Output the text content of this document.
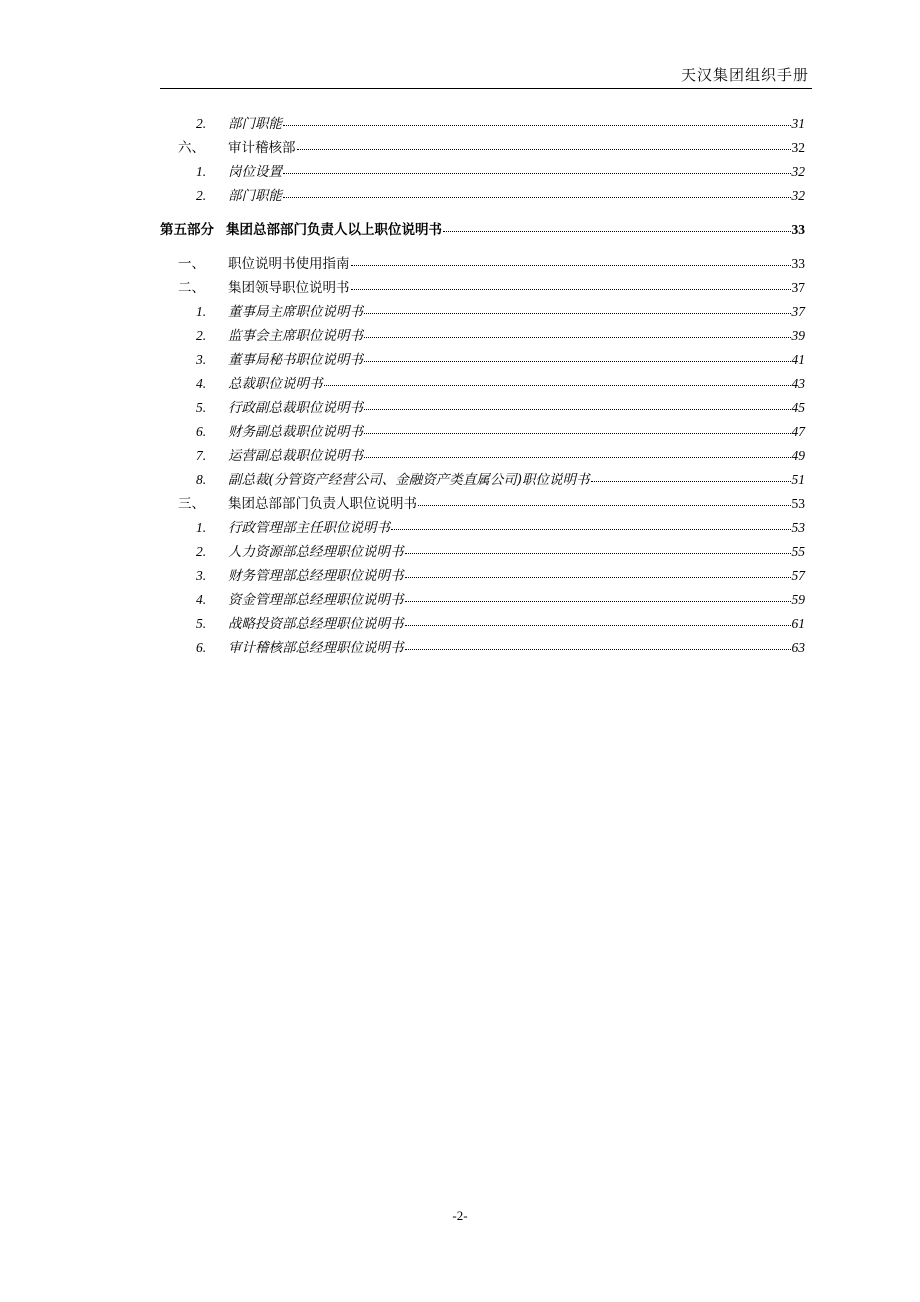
天汉集团组织手册
2.	部门职能	31
六、	审计稽核部	32
1.	岗位设置	32
2.	部门职能	32
第五部分 集团总部部门负责人以上职位说明书	33
一、	职位说明书使用指南	33
二、	集团领导职位说明书	37
1.	董事局主席职位说明书	37
2.	监事会主席职位说明书	39
3.	董事局秘书职位说明书	41
4.	总裁职位说明书	43
5.	行政副总裁职位说明书	45
6.	财务副总裁职位说明书	47
7.	运营副总裁职位说明书	49
8.	副总裁(分管资产经营公司、金融资产类直属公司)职位说明书	51
三、	集团总部部门负责人职位说明书	53
1.	行政管理部主任职位说明书	53
2.	人力资源部总经理职位说明书	55
3.	财务管理部总经理职位说明书	57
4.	资金管理部总经理职位说明书	59
5.	战略投资部总经理职位说明书	61
6.	审计稽核部总经理职位说明书	63
-2-
